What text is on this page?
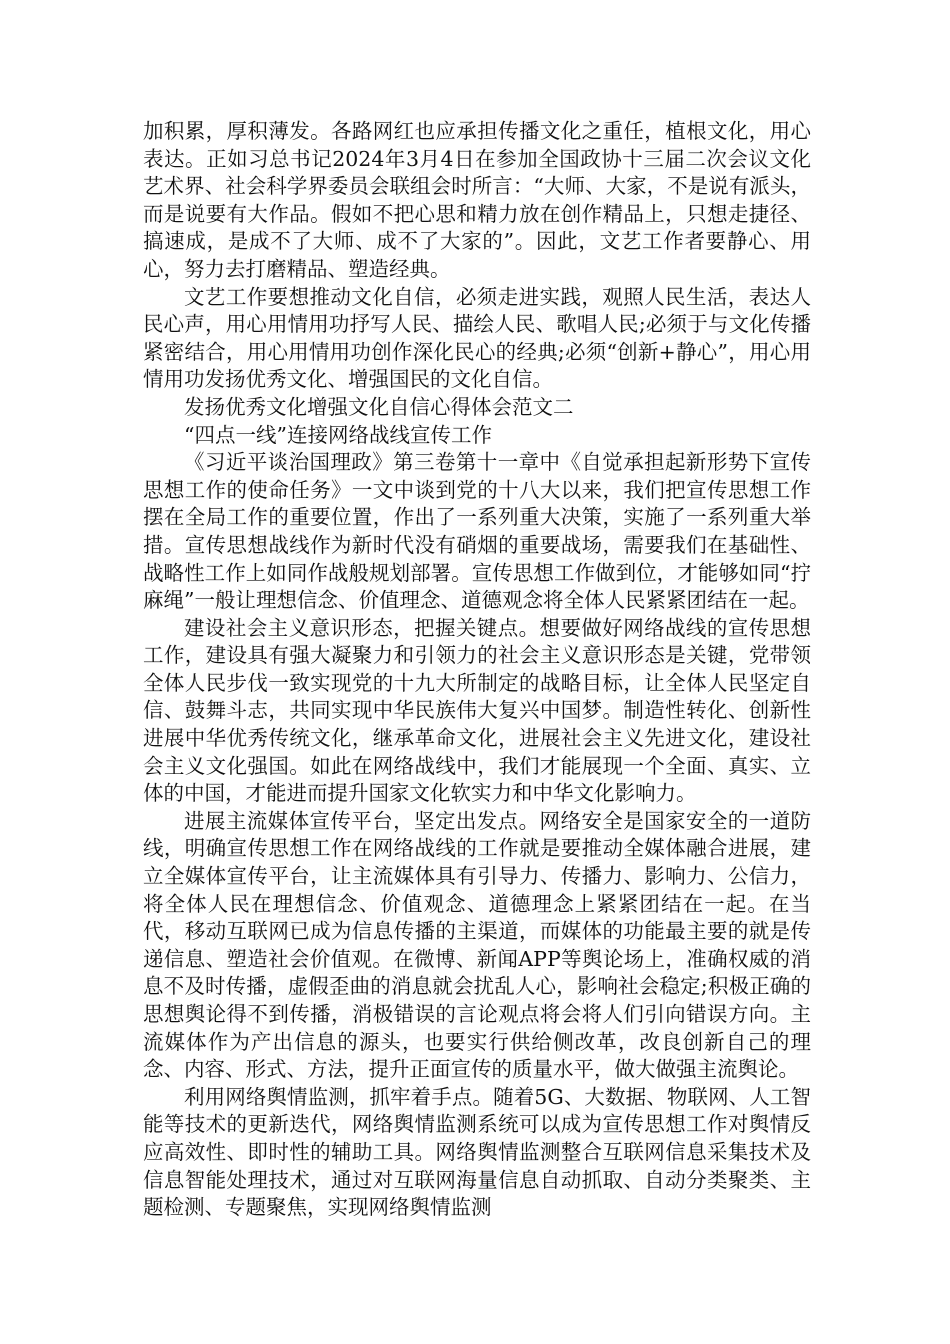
加积累，厚积薄发。各路网红也应承担传播文化之重任，植根文化，用心表达。正如习总书记2024年3月4日在参加全国政协十三届二次会议文化艺术界、社会科学界委员会联组会时所言：“大师、大家，不是说有派头，而是说要有大作品。假如不把心思和精力放在创作精品上，只想走捷径、搞速成，是成不了大师、成不了大家的”。因此，文艺工作者要静心、用心，努力去打磨精品、塑造经典。

文艺工作要想推动文化自信，必须走进实践，观照人民生活，表达人民心声，用心用情用功抒写人民、描绘人民、歌唱人民;必须于与文化传播紧密结合，用心用情用功创作深化民心的经典;必须“创新+静心”，用心用情用功发扬优秀文化、增强国民的文化自信。

发扬优秀文化增强文化自信心得体会范文二

“四点一线”连接网络战线宣传工作

《习近平谈治国理政》第三卷第十一章中《自觉承担起新形势下宣传思想工作的使命任务》一文中谈到党的十八大以来，我们把宣传思想工作摆在全局工作的重要位置，作出了一系列重大决策，实施了一系列重大举措。宣传思想战线作为新时代没有硝烟的重要战场，需要我们在基础性、战略性工作上如同作战般规划部署。宣传思想工作做到位，才能够如同“拧麻绳”一般让理想信念、价值理念、道德观念将全体人民紧紧团结在一起。

建设社会主义意识形态，把握关键点。想要做好网络战线的宣传思想工作，建设具有强大凝聚力和引领力的社会主义意识形态是关键，党带领全体人民步伐一致实现党的十九大所制定的战略目标，让全体人民坚定自信、鼓舞斗志，共同实现中华民族伟大复兴中国梦。制造性转化、创新性进展中华优秀传统文化，继承革命文化，进展社会主义先进文化，建设社会主义文化强国。如此在网络战线中，我们才能展现一个全面、真实、立体的中国，才能进而提升国家文化软实力和中华文化影响力。

进展主流媒体宣传平台，坚定出发点。网络安全是国家安全的一道防线，明确宣传思想工作在网络战线的工作就是要推动全媒体融合进展，建立全媒体宣传平台，让主流媒体具有引导力、传播力、影响力、公信力，将全体人民在理想信念、价值观念、道德理念上紧紧团结在一起。在当代，移动互联网已成为信息传播的主渠道，而媒体的功能最主要的就是传递信息、塑造社会价值观。在微博、新闻APP等舆论场上，准确权威的消息不及时传播，虚假歪曲的消息就会扰乱人心，影响社会稳定;积极正确的思想舆论得不到传播，消极错误的言论观点将会将人们引向错误方向。主流媒体作为产出信息的源头，也要实行供给侧改革，改良创新自己的理念、内容、形式、方法，提升正面宣传的质量水平，做大做强主流舆论。

利用网络舆情监测，抓牢着手点。随着5G、大数据、物联网、人工智能等技术的更新迭代，网络舆情监测系统可以成为宣传思想工作对舆情反应高效性、即时性的辅助工具。网络舆情监测整合互联网信息采集技术及信息智能处理技术，通过对互联网海量信息自动抓取、自动分类聚类、主题检测、专题聚焦，实现网络舆情监测
